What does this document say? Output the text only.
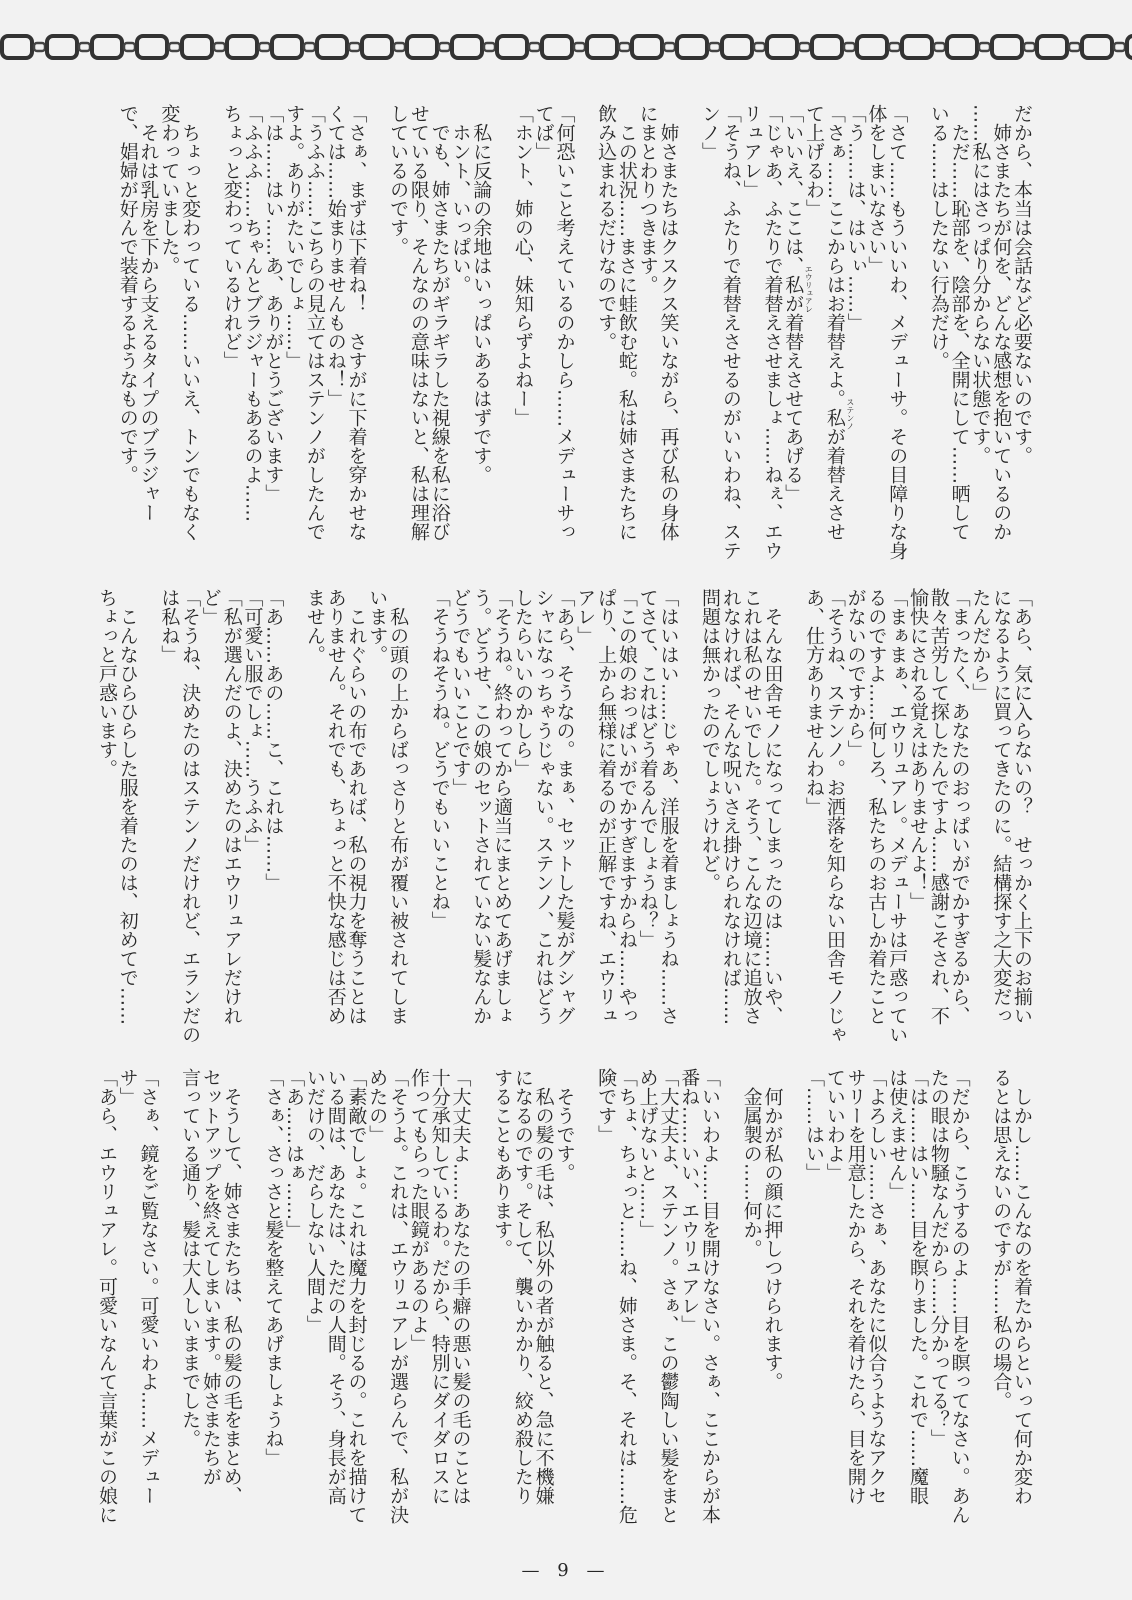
だから、本当は会話など必要ないのです。
　姉さまたちが何を、どんな感想を抱いているのか
……私にはさっぱり分からない状態です。
　ただ……恥部を、陰部を、全開にして……晒して
いる……はしたない行為だけ。

「さて……もういいわ、メデューサ。その目障りな身
体をしまいなさい」
「う……は、はいぃ……」
「さぁ……ここからはお着替えよ。私 ステンノ
が着替えさせ
て上げるわ」
「いいえ、ここは、私 エウリュアレ
が着替えさせてあげる」
「じゃあ、ふたりで着替えさせましょ……ねぇ、エウ
リュアレ」
「そうね、ふたりで着替えさせるのがいいわね、ステ
ンノ」

　姉さまたちはクスクス笑いながら、再び私の身体
にまとわりつきます。
　この状況……まさに蛙飲む蛇。私は姉さまたちに
飲み込まれるだけなのです。

「何恐いこと考えているのかしら……メデューサっ
てば」
「ホント、姉の心、妹知らずよねー」

　私に反論の余地はいっぱいあるはずです。
　ホント、いっぱい。
　でも、姉さまたちがギラギラした視線を私に浴び
せている限り、そんなのの意味はないと、私は理解
しているのです。

「さぁ、まずは下着ね！　さすがに下着を穿かせな
くては……始まりませんものね！」
「うふふ……こちらの見立てはステンノがしたんで
すよ。ありがたいでしょ……」
「は……はい……あ、ありがとうございます」
「ふふふ……ちゃんとブラジャーもあるのよ……
ちょっと変わっているけれど」

　ちょっと変わっている……いいえ、トンでもなく
変わっていました。
　それは乳房を下から支えるタイプのブラジャー
で、娼婦が好んで装着するようなものです。
「あら、気に入らないの？　せっかく上下のお揃い
になるように買ってきたのに。結構探す之大変だっ
たんだから」
「まったく、あなたのおっぱいがでかすぎるから、
散々苦労して探したんですよ……感謝こそされ、不
愉快にされる覚えはありませんよ！」
「まぁまぁ、エウリュアレ。メデューサは戸惑ってい
るのですよ……何しろ、私たちのお古しか着たこと
がないのですから」
「そうね、ステンノ。お洒落を知らない田舎モノじゃ
あ、仕方ありませんわね」

　そんな田舎モノになってしまったのは……いや、
これは私のせいでした。そう、こんな辺境に追放さ
れなければ、そんな呪いさえ掛けられなければ……
問題は無かったのでしょうけれど。

「はいはい……じゃあ、洋服を着ましょうね……さ
てさて、これはどう着るんでしょうね？」
「この娘のおっぱいがでかすぎますからね……やっ
ぱり、上から無様に着るのが正解ですね、エウリュ
アレ」
「あら、そうなの。まぁ、セットした髪がグシャグ
シャになっちゃうじゃない。ステンノ、これはどう
したらいいのかしら」
「そうね。終わってから適当にまとめてあげましょ
う。どうせ、この娘のセットされていない髪なんか
どうでもいいことです」
「そうねそうね。どうでもいいことね」

　私の頭の上からばっさりと布が覆い被されてしま
います。
　これぐらいの布であれば、私の視力を奪うことは
ありません。それでも、ちょっと不快な感じは否め
ません。

「あ……あの……こ、これは……」
「可愛い服でしょ……うふふ」
「私が選んだのよ、決めたのはエウリュアレだけれ
ど」
「そうね、決めたのはステンノだけれど、エランだの
は私ね」

　こんなひらひらした服を着たのは、初めてで……
ちょっと戸惑います。
　しかし……こんなのを着たからといって何か変わ
るとは思えないのですが……私の場合。

「だから、こうするのよ……目を瞑ってなさい。あん
たの眼は物騒なんだから……分かってる？」
「は……はい……目を瞑りました。これで……魔眼
は使えません」
「よろしい……さぁ、あなたに似合うようなアクセ
サリーを用意したから、それを着けたら、目を開け
ていいわよ」
「……はい」

　何かが私の顔に押しつけられます。
　金属製の……何か。

「いいわよ……目を開けなさい。さぁ、ここからが本
番ね……いい、エウリュアレ」
「大丈夫よ、ステンノ。さぁ、この鬱陶しい髪をまと
め上げないと……」
「ちょ、ちょっと……ね、姉さま。そ、それは……危
険です」

　そうです。
　私の髪の毛は、私以外の者が触ると、急に不機嫌
になるのです。そして、襲いかかり、絞め殺したり
することもあります。

「大丈夫よ……あなたの手癖の悪い髪の毛のことは
十分承知しているわ。だから、特別にダイダロスに
作ってもらった眼鏡があるのよ」
「そうよ。これは、エウリュアレが選らんで、私が決
めたの」
「素敵でしょ。これは魔力を封じるの。これを描けて
いる間は、あなたは、ただの人間。そう、身長が高
いだけの、だらしない人間よ」
「あ……はぁ……」
「さぁ、さっさと髪を整えてあげましょうね」

　そうして、姉さまたちは、私の髪の毛をまとめ、
セットアップを終えてしまいます。姉さまたちが
言っている通り、髪は大人しいままでした。

「さぁ、鏡をご覧なさい。可愛いわよ……メデュー
サ」
「あら、エウリュアレ。可愛いなんて言葉がこの娘に
— 9 —
